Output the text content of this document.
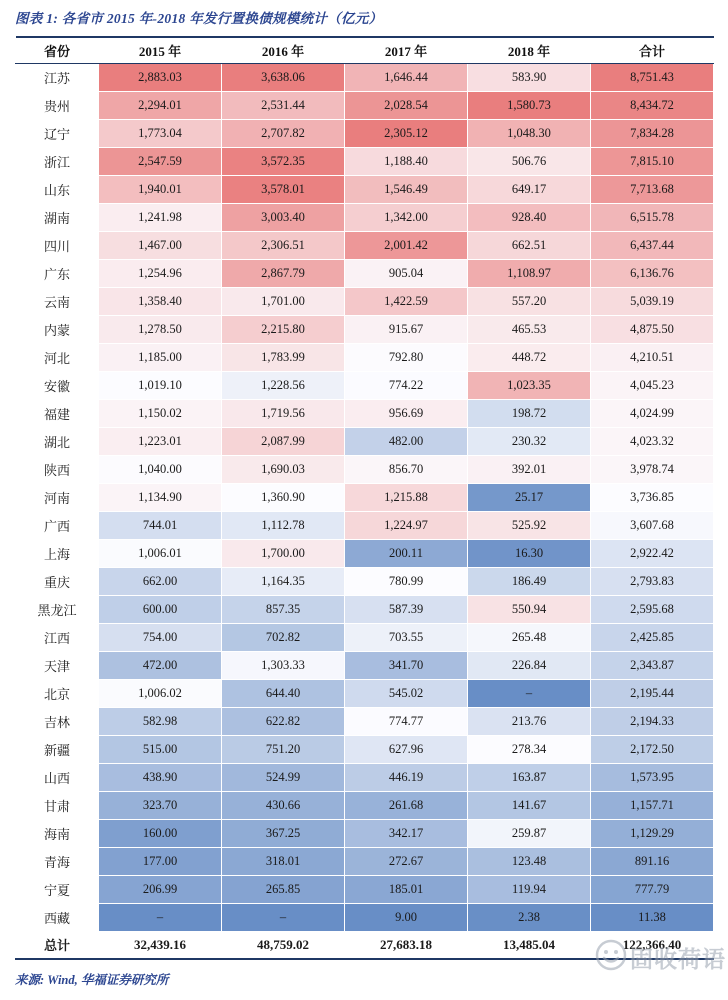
图表 1: 各省市 2015 年-2018 年发行置换债规模统计（亿元）
省份	2015 年	2016 年	2017 年	2018 年	合计
江苏	2,883.03	3,638.06	1,646.44	583.90	8,751.43
贵州	2,294.01	2,531.44	2,028.54	1,580.73	8,434.72
辽宁	1,773.04	2,707.82	2,305.12	1,048.30	7,834.28
浙江	2,547.59	3,572.35	1,188.40	506.76	7,815.10
山东	1,940.01	3,578.01	1,546.49	649.17	7,713.68
湖南	1,241.98	3,003.40	1,342.00	928.40	6,515.78
四川	1,467.00	2,306.51	2,001.42	662.51	6,437.44
广东	1,254.96	2,867.79	905.04	1,108.97	6,136.76
云南	1,358.40	1,701.00	1,422.59	557.20	5,039.19
内蒙	1,278.50	2,215.80	915.67	465.53	4,875.50
河北	1,185.00	1,783.99	792.80	448.72	4,210.51
安徽	1,019.10	1,228.56	774.22	1,023.35	4,045.23
福建	1,150.02	1,719.56	956.69	198.72	4,024.99
湖北	1,223.01	2,087.99	482.00	230.32	4,023.32
陕西	1,040.00	1,690.03	856.70	392.01	3,978.74
河南	1,134.90	1,360.90	1,215.88	25.17	3,736.85
广西	744.01	1,112.78	1,224.97	525.92	3,607.68
上海	1,006.01	1,700.00	200.11	16.30	2,922.42
重庆	662.00	1,164.35	780.99	186.49	2,793.83
黑龙江	600.00	857.35	587.39	550.94	2,595.68
江西	754.00	702.82	703.55	265.48	2,425.85
天津	472.00	1,303.33	341.70	226.84	2,343.87
北京	1,006.02	644.40	545.02	–	2,195.44
吉林	582.98	622.82	774.77	213.76	2,194.33
新疆	515.00	751.20	627.96	278.34	2,172.50
山西	438.90	524.99	446.19	163.87	1,573.95
甘肃	323.70	430.66	261.68	141.67	1,157.71
海南	160.00	367.25	342.17	259.87	1,129.29
青海	177.00	318.01	272.67	123.48	891.16
宁夏	206.99	265.85	185.01	119.94	777.79
西藏	–	–	9.00	2.38	11.38
总计	32,439.16	48,759.02	27,683.18	13,485.04	122,366.40
来源: Wind, 华福证券研究所
固收荷语
